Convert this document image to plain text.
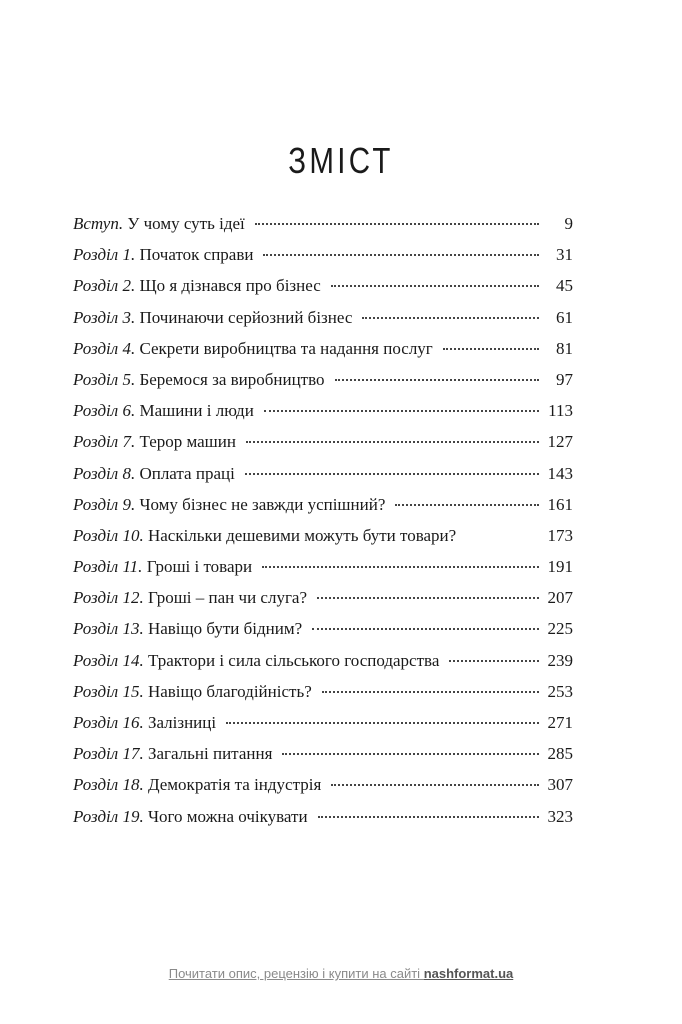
ЗМІСТ
Вступ. У чому суть ідеї	9
Розділ 1. Початок справи	31
Розділ 2. Що я дізнався про бізнес	45
Розділ 3. Починаючи серйозний бізнес	61
Розділ 4. Секрети виробництва та надання послуг	81
Розділ 5. Беремося за виробництво	97
Розділ 6. Машини і люди	113
Розділ 7. Терор машин	127
Розділ 8. Оплата праці	143
Розділ 9. Чому бізнес не завжди успішний?	161
Розділ 10. Наскільки дешевими можуть бути товари?	173
Розділ 11. Гроші і товари	191
Розділ 12. Гроші – пан чи слуга?	207
Розділ 13. Навіщо бути бідним?	225
Розділ 14. Трактори і сила сільського господарства	239
Розділ 15. Навіщо благодійність?	253
Розділ 16. Залізниці	271
Розділ 17. Загальні питання	285
Розділ 18. Демократія та індустрія	307
Розділ 19. Чого можна очікувати	323
Почитати опис, рецензію і купити на сайті nashformat.ua
